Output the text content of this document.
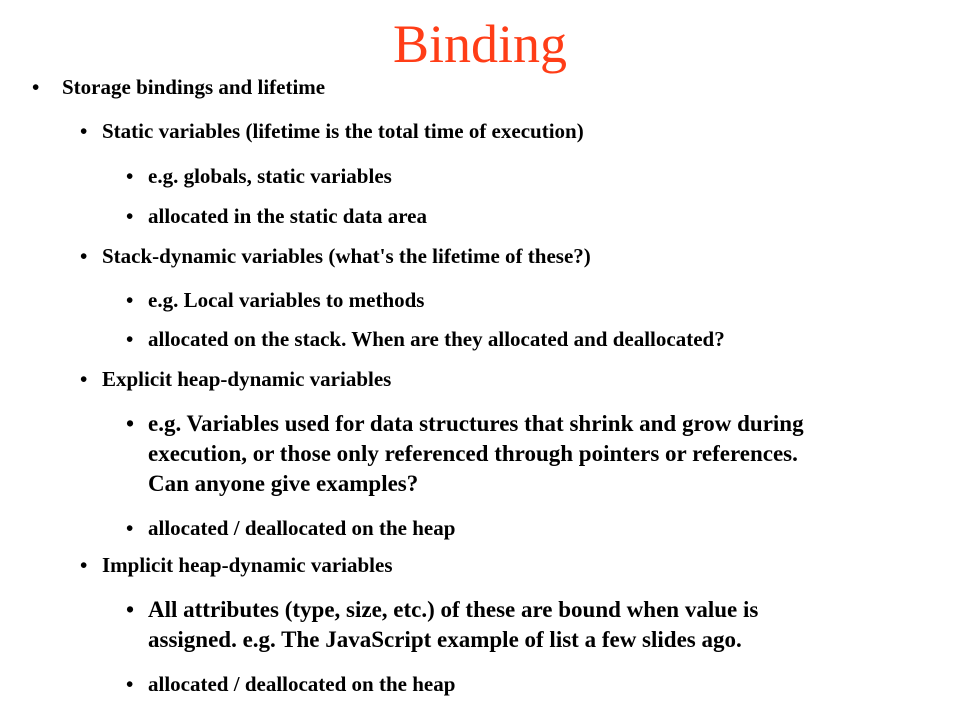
Binding
• Storage bindings and lifetime
• Static variables (lifetime is the total time of execution)
• e.g. globals, static variables
• allocated in the static data area
• Stack-dynamic variables (what's the lifetime of these?)
• e.g. Local variables to methods
• allocated on the stack. When are they allocated and deallocated?
• Explicit heap-dynamic variables
• e.g. Variables used for data structures that shrink and grow during
execution, or those only referenced through pointers or references.
Can anyone give examples?
• allocated / deallocated on the heap
• Implicit heap-dynamic variables
• All attributes (type, size, etc.) of these are bound when value is
assigned. e.g. The JavaScript example of list a few slides ago.
• allocated / deallocated on the heap
